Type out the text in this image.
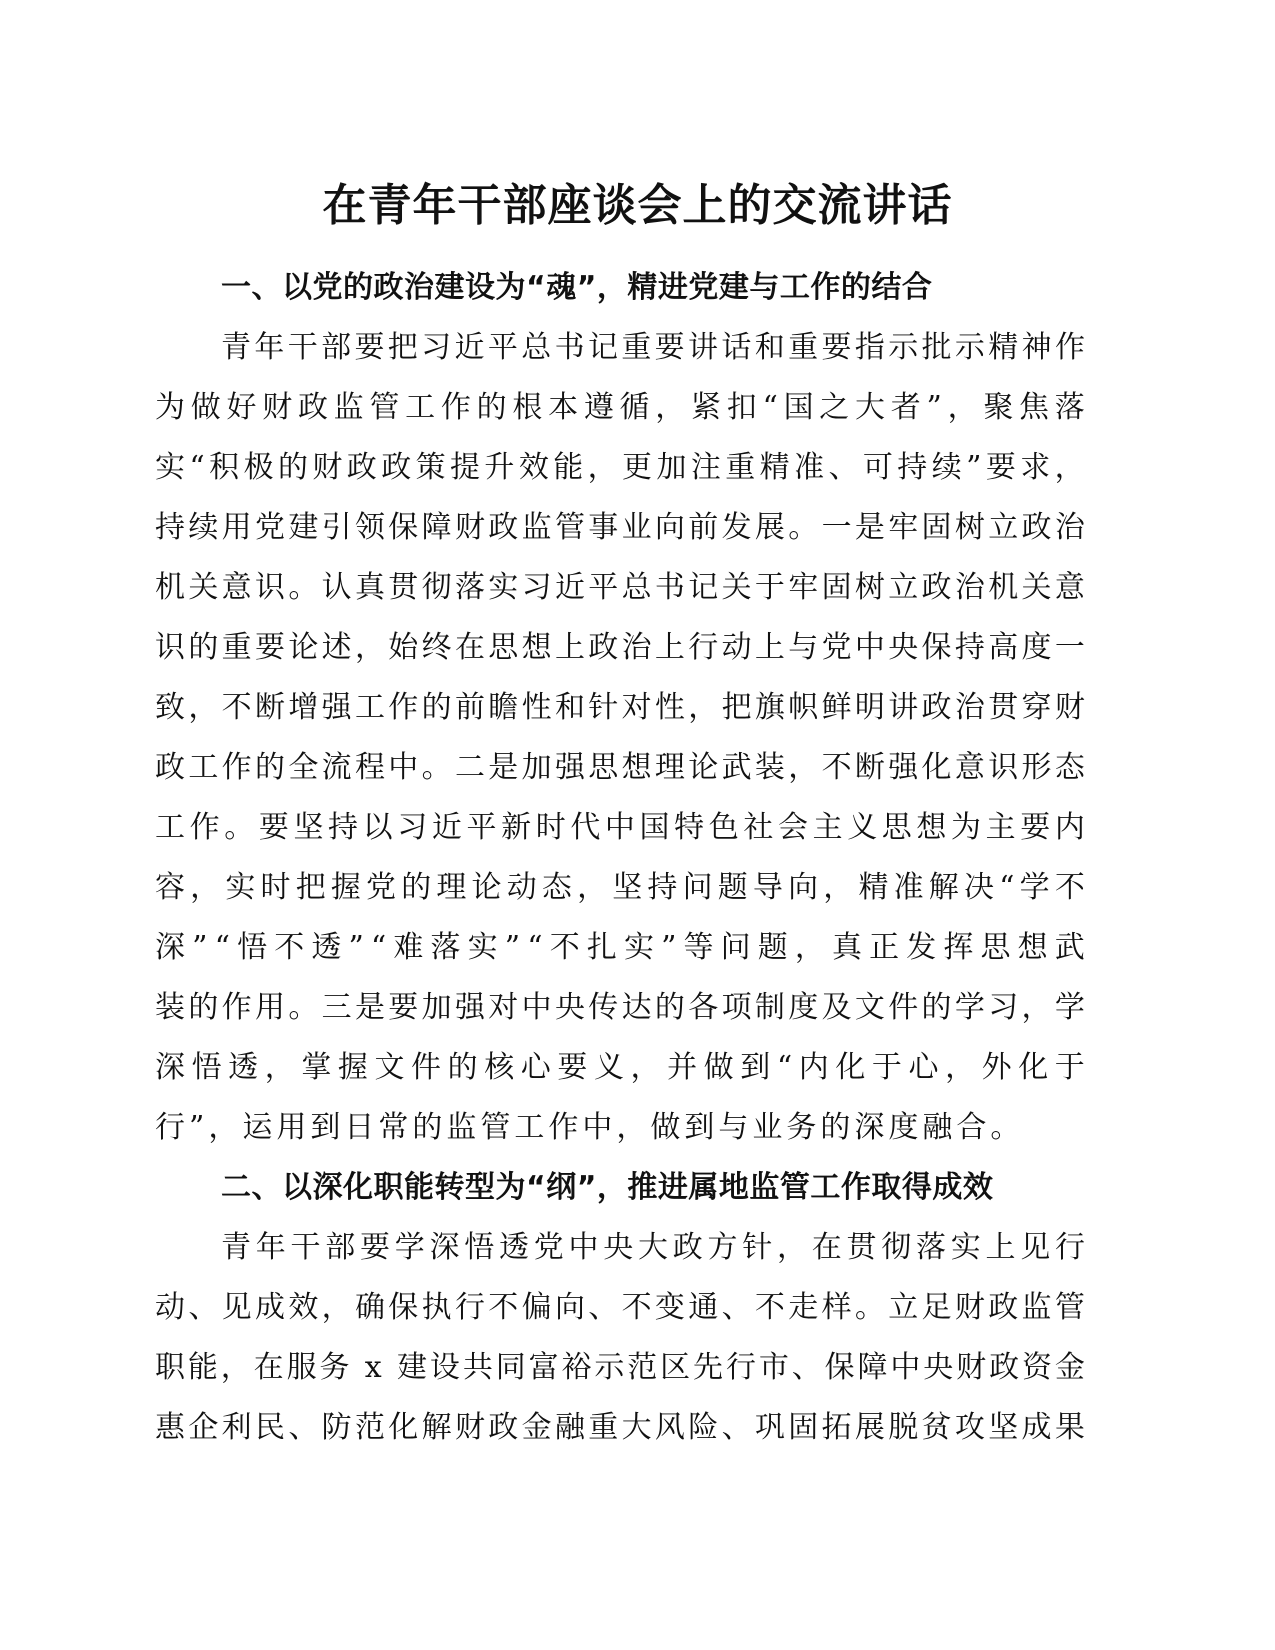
在青年干部座谈会上的交流讲话
一、以党的政治建设为“魂”，精进党建与工作的结合
青 年 干 部 要 把 习 近 平 总 书 记 重 要 讲 话 和 重 要 指 示 批 示 精 神 作
为 做 好 财 政 监 管 工 作 的 根 本 遵 循 ， 紧 扣 “ 国 之 大 者 ” ， 聚 焦 落
实 “ 积 极 的 财 政 政 策 提 升 效 能 ， 更 加 注 重 精 准 、 可 持 续 ” 要 求 ，
持 续 用 党 建 引 领 保 障 财 政 监 管 事 业 向 前 发 展 。 一 是 牢 固 树 立 政 治
机 关 意 识 。 认 真 贯 彻 落 实 习 近 平 总 书 记 关 于 牢 固 树 立 政 治 机 关 意
识 的 重 要 论 述 ， 始 终 在 思 想 上 政 治 上 行 动 上 与 党 中 央 保 持 高 度 一
致 ， 不 断 增 强 工 作 的 前 瞻 性 和 针 对 性 ， 把 旗 帜 鲜 明 讲 政 治 贯 穿 财
政 工 作 的 全 流 程 中 。 二 是 加 强 思 想 理 论 武 装 ， 不 断 强 化 意 识 形 态
工 作 。 要 坚 持 以 习 近 平 新 时 代 中 国 特 色 社 会 主 义 思 想 为 主 要 内
容 ， 实 时 把 握 党 的 理 论 动 态 ， 坚 持 问 题 导 向 ， 精 准 解 决 “ 学 不
深 ” “ 悟 不 透 ” “ 难 落 实 ” “ 不 扎 实 ” 等 问 题 ， 真 正 发 挥 思 想 武
装 的 作 用 。 三 是 要 加 强 对 中 央 传 达 的 各 项 制 度 及 文 件 的 学 习 ， 学
深 悟 透 ， 掌 握 文 件 的 核 心 要 义 ， 并 做 到 “ 内 化 于 心 ， 外 化 于
行”，运用到日常的监管工作中，做到与业务的深度融合。
二、以深化职能转型为“纲”，推进属地监管工作取得成效
青 年 干 部 要 学 深 悟 透 党 中 央 大 政 方 针 ， 在 贯 彻 落 实 上 见 行
动 、 见 成 效 ， 确 保 执 行 不 偏 向 、 不 变 通 、 不 走 样 。 立 足 财 政 监 管
职 能 ， 在 服 务
x
建 设 共 同 富 裕 示 范 区 先 行 市 、 保 障 中 央 财 政 资 金
惠 企 利 民 、 防 范 化 解 财 政 金 融 重 大 风 险 、 巩 固 拓 展 脱 贫 攻 坚 成 果
